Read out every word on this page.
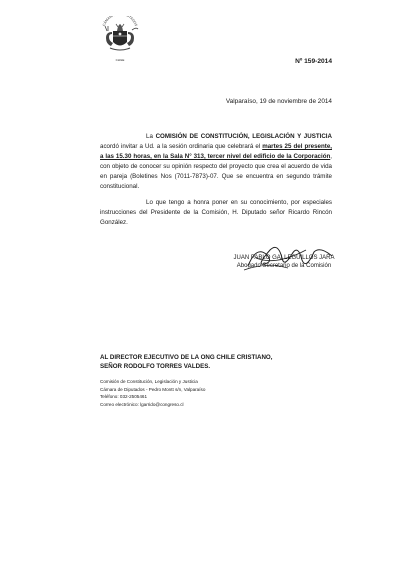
CÁMAR TADOS
CHILE	Nº 159-2014
Valparaíso, 19 de noviembre de 2014

La COMISIÓN DE CONSTITUCIÓN, LEGISLACIÓN Y JUSTICIA acordó invitar a Ud. a la sesión ordinaria que celebrará el martes 25 del presente, a las 15.30 horas, en la Sala N° 313, tercer nivel del edificio de la Corporación, con objeto de conocer su opinión respecto del proyecto que crea el acuerdo de vida en pareja (Boletines Nos (7011-7873)-07. Que se encuentra en segundo trámite constitucional.

Lo que tengo a honra poner en su conocimiento, por especiales instrucciones del Presidente de la Comisión, H. Diputado señor Ricardo Rincón González.

JUAN PABLO GALLEGUILLOS JARA
Abogado Secretario de la Comisión
AL DIRECTOR EJECUTIVO DE LA ONG CHILE CRISTIANO,
SEÑOR RODOLFO TORRES VALDES.
Comisión de Constitución, Legislación y Justicia
Cámara de Diputados - Pedro Montt s/n, Valparaíso
Teléfono: 032-2505461
Correo electrónico: lgarrido@congreso.cl
